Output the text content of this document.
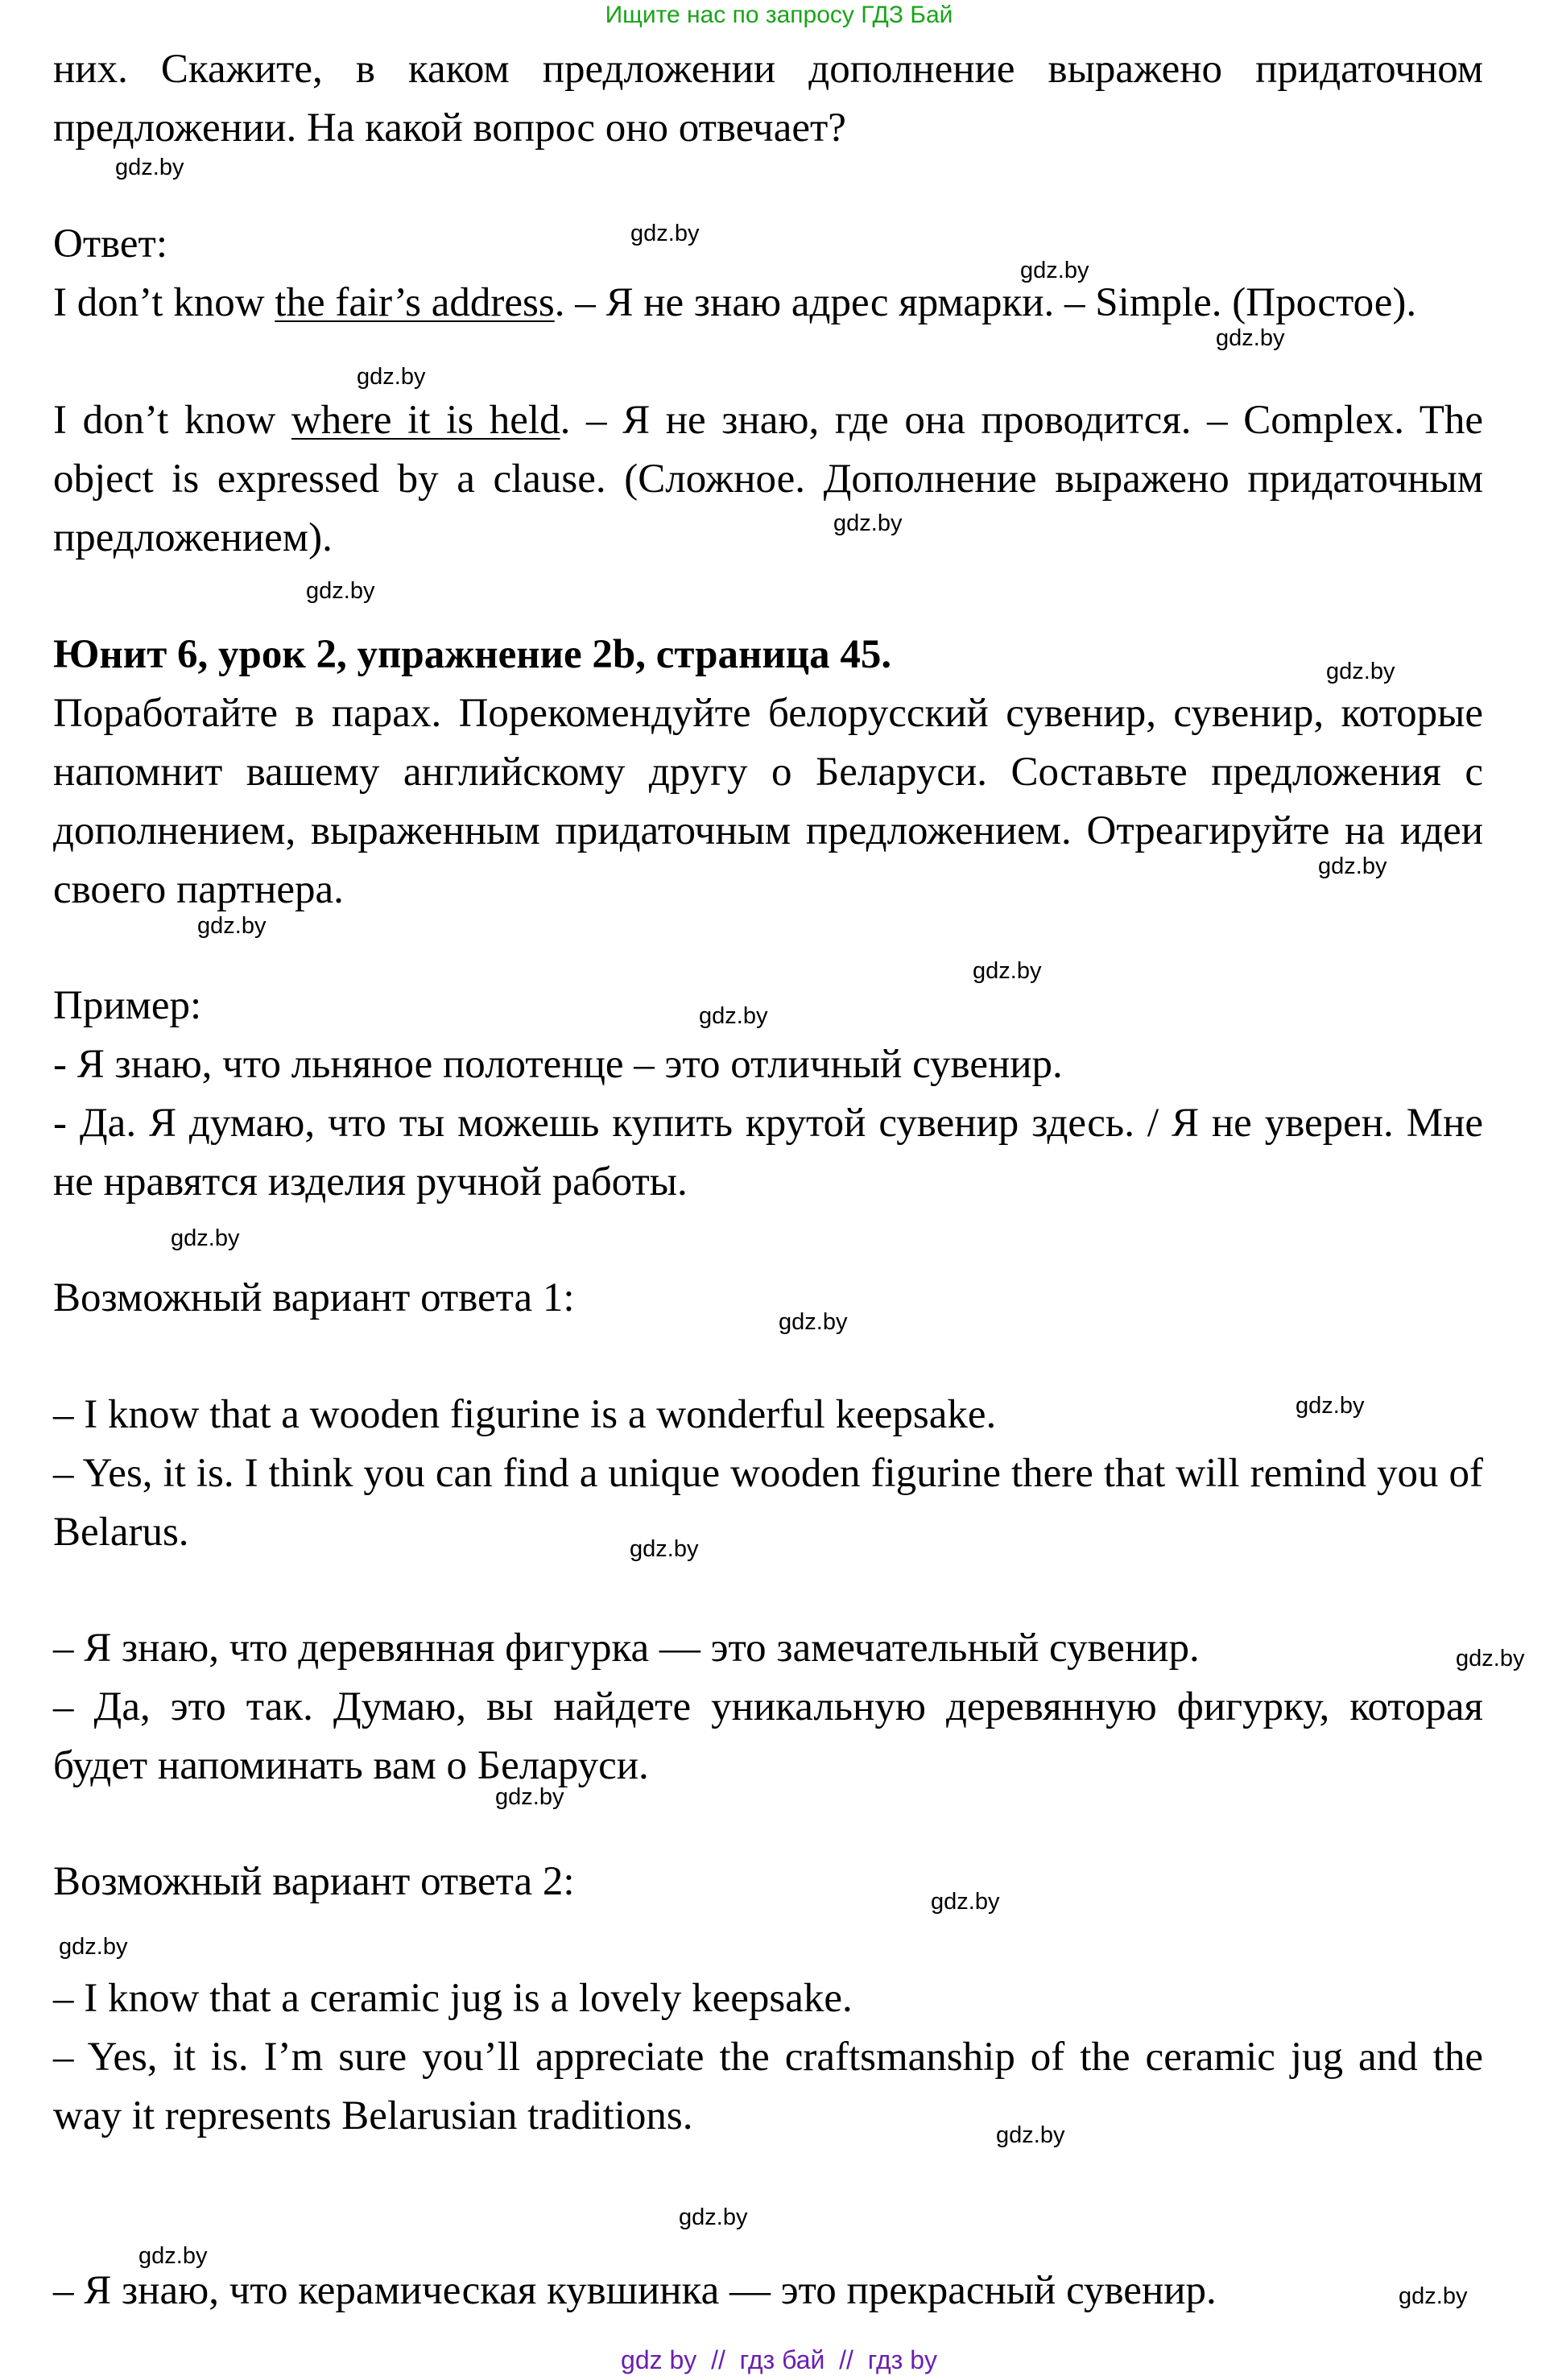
Ищите нас по запросу ГДЗ Бай

них. Скажите, в каком предложении дополнение выражено придаточном предложении. На какой вопрос оно отвечает?

Ответ:

I don’t know the fair’s address. – Я не знаю адрес ярмарки. – Simple. (Простое).

I don’t know where it is held. – Я не знаю, где она проводится. – Complex. The object is expressed by a clause. (Сложное. Дополнение выражено придаточным предложением).

Юнит 6, урок 2, упражнение 2b, страница 45.

Поработайте в парах. Порекомендуйте белорусский сувенир, сувенир, которые напомнит вашему английскому другу о Беларуси. Составьте предложения с дополнением, выраженным придаточным предложением. Отреагируйте на идеи своего партнера.

Пример:

- Я знаю, что льняное полотенце – это отличный сувенир.

- Да. Я думаю, что ты можешь купить крутой сувенир здесь. / Я не уверен. Мне не нравятся изделия ручной работы.

Возможный вариант ответа 1:

– I know that a wooden figurine is a wonderful keepsake.

– Yes, it is. I think you can find a unique wooden figurine there that will remind you of Belarus.

– Я знаю, что деревянная фигурка — это замечательный сувенир.

– Да, это так. Думаю, вы найдете уникальную деревянную фигурку, которая будет напоминать вам о Беларуси.

Возможный вариант ответа 2:

– I know that a ceramic jug is a lovely keepsake.

– Yes, it is. I’m sure you’ll appreciate the craftsmanship of the ceramic jug and the way it represents Belarusian traditions.

– Я знаю, что керамическая кувшинка — это прекрасный сувенир.

gdz.by
gdz.by
gdz.by
gdz.by
gdz.by
gdz.by
gdz.by
gdz.by
gdz.by
gdz.by
gdz.by
gdz.by
gdz.by
gdz.by
gdz.by
gdz.by
gdz.by
gdz.by
gdz.by
gdz.by
gdz.by
gdz.by
gdz.by
gdz.by
gdz by  //  гдз бай  //  гдз by
